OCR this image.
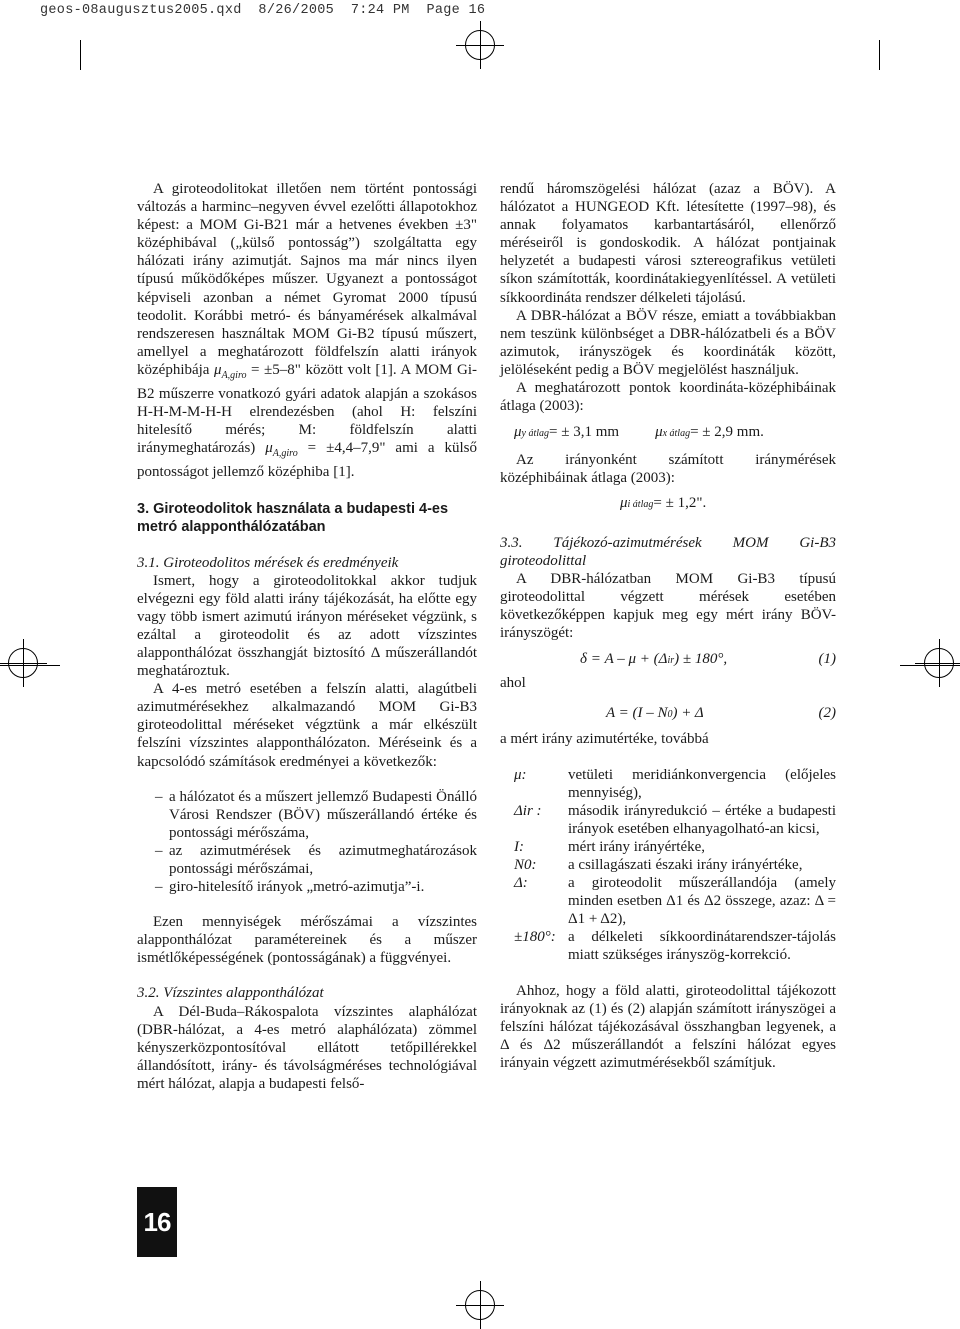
geos-08augusztus2005.qxd  8/26/2005  7:24 PM  Page 16

A giroteodolitokat illetően nem történt pontossági változás a harminc–negyven évvel ezelőtti állapotokhoz képest: a MOM Gi-B21 már a hetvenes években ±3" középhibával („külső pontosság”) szolgáltatta egy hálózati irány azimutját. Sajnos ma már nincs ilyen típusú működőképes műszer. Ugyanezt a pontosságot képviseli azonban a német Gyromat 2000 típusú teodolit. Korábbi metró- és bányamérések alkalmával rendszeresen használtak MOM Gi-B2 típusú műszert, amellyel a meghatározott földfelszín alatti irányok középhibája $\mu_{A,giro} = \pm 5-8$" között volt [1]. A MOM Gi-B2 műszerre vonatkozó gyári adatok alapján a szokásos H-H-M-M-H-H elrendezésben (ahol H: felszíni hitelesítő mérés; M: földfelszín alatti iránymeghatározás) $\mu_{A,giro} = \pm 4,4-7,9$" ami a külső pontosságot jellemző középhiba [1].

3. Giroteodolitok használata a budapesti 4-es metró alapponthálózatában

3.1. Giroteodolitos mérések és eredményeik

Ismert, hogy a giroteodolitokkal akkor tudjuk elvégezni egy föld alatti irány tájékozását, ha előtte egy vagy több ismert azimutú irányon méréseket végzünk, s ezáltal a giroteodolit és az adott vízszintes alapponthálózat összhangját biztosító Δ műszerállandót meghatároztuk.

A 4-es metró esetében a felszín alatti, alagútbeli azimutmérésekhez alkalmazandó MOM Gi-B3 giroteodolittal méréseket végztünk a már elkészült felszíni vízszintes alapponthálózaton. Méréseink és a kapcsolódó számítások eredményei a következők:

– a hálózatot és a műszert jellemző Budapesti Önálló Városi Rendszer (BÖV) műszerállandó értéke és pontossági mérőszáma,
– az azimutmérések és azimutmeghatározások pontossági mérőszámai,
– giro-hitelesítő irányok „metró-azimutja”-i.

Ezen mennyiségek mérőszámai a vízszintes alapponthálózat paramétereinek és a műszer ismétlőképességének (pontosságának) a függvényei.

3.2. Vízszintes alapponthálózat

A Dél-Buda–Rákospalota vízszintes alaphálózat (DBR-hálózat, a 4-es metró alaphálózata) zömmel kényszerközpontosítóval ellátott tetőpillérekkel állandósított, irány- és távolságméréses technológiával mért hálózat, alapja a budapesti felső-

rendű háromszögelési hálózat (azaz a BÖV). A hálózatot a HUNGEOD Kft. létesítette (1997–98), és annak folyamatos karbantartásáról, ellenőrző méréseiről is gondoskodik. A hálózat pontjainak helyzetét a budapesti városi sztereografikus vetületi síkon számították, koordinátakiegyenlítéssel. A vetületi síkkoordináta rendszer délkeleti tájolású.

A DBR-hálózat a BÖV része, emiatt a továbbiakban nem teszünk különbséget a DBR-hálózatbeli és a BÖV azimutok, irányszögek és koordináták között, jelöléseként pedig a BÖV megjelölést használjuk.

A meghatározott pontok koordináta-középhibáinak átlaga (2003):

μ y átlag = ± 3,1 mm μ x átlag = ± 2,9 mm.

Az irányonként számított iránymérések középhibáinak átlaga (2003):

μ i átlag = ± 1,2".

3.3. Tájékozó-azimutmérések MOM Gi-B3 giroteodolittal

A DBR-hálózatban MOM Gi-B3 típusú giroteodolittal végzett mérések esetében következőképpen kapjuk meg egy mért irány BÖV-irányszögét:

δ = A – μ + (Δ ir ) ± 180°,	(1)

ahol

A = (I – N 0 ) + Δ	(2)

a mért irány azimutértéke, továbbá

μ:	vetületi meridiánkonvergencia (előjeles mennyiség),
Δir :	második irányredukció – értéke a budapesti irányok esetében elhanyagolható-an kicsi,
I:	mért irány irányértéke,
N0:	a csillagászati északi irány irányértéke,
Δ:	a giroteodolit műszerállandója (amely minden esetben Δ1 és Δ2 összege, azaz: Δ = Δ1 + Δ2),
±180°: a délkeleti síkkoordinátarendszer-tájolás miatt szükséges irányszög-korrekció.

Ahhoz, hogy a föld alatti, giroteodolittal tájékozott irányoknak az (1) és (2) alapján számított irányszögei a felszíni hálózat tájékozásával összhangban legyenek, a Δ és Δ2 műszerállandót a felszíni hálózat egyes irányain végzett azimutmérésekből számítjuk.

16
